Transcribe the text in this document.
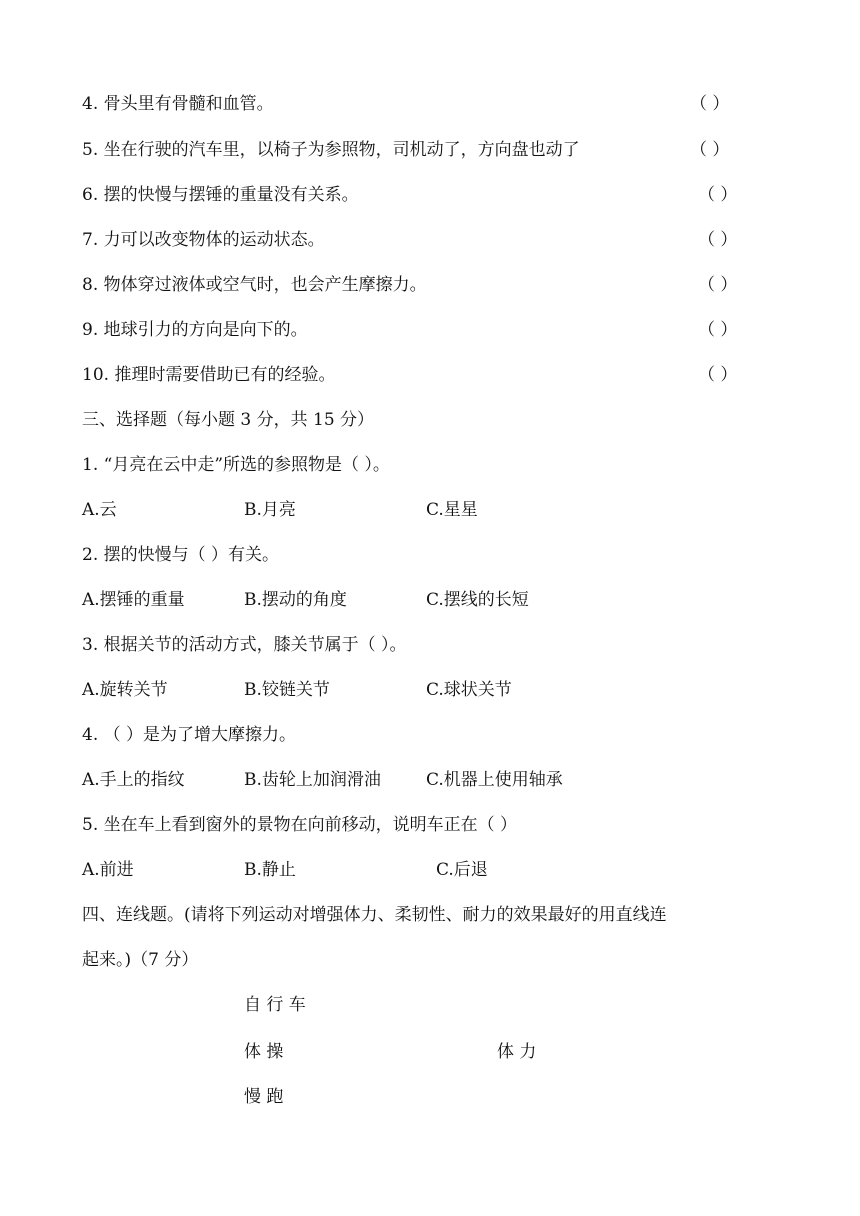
4. 骨头里有骨髓和血管。	（ ）
5. 坐在行驶的汽车里，以椅子为参照物，司机动了，方向盘也动了	（ ）
6. 摆的快慢与摆锤的重量没有关系。	（ ）
7. 力可以改变物体的运动状态。	（ ）
8. 物体穿过液体或空气时，也会产生摩擦力。	（ ）
9. 地球引力的方向是向下的。	（ ）
10. 推理时需要借助已有的经验。	（ ）
三、选择题（每小题 3 分，共 15 分）
1. “月亮在云中走”所选的参照物是（ ）。
A.云	B.月亮	C.星星
2. 摆的快慢与（ ）有关。
A.摆锤的重量	B.摆动的角度	C.摆线的长短
3. 根据关节的活动方式，膝关节属于（ ）。
A.旋转关节	B.铰链关节	C.球状关节
4. （ ）是为了增大摩擦力。
A.手上的指纹	B.齿轮上加润滑油	C.机器上使用轴承
5. 坐在车上看到窗外的景物在向前移动，说明车正在（ ）
A.前进	B.静止	C.后退
四、连线题。(请将下列运动对增强体力、柔韧性、耐力的效果最好的用直线连
起来。)（7 分）
自 行 车
体 操
慢 跑
体 力
